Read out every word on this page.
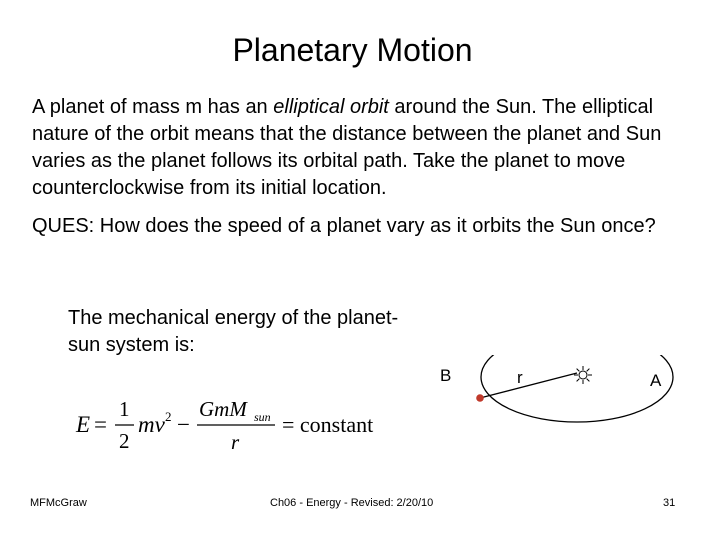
Planetary Motion
A planet of mass m has an elliptical orbit around the Sun. The elliptical nature of the orbit means that the distance between the planet and Sun varies as the planet follows its orbital path. Take the planet to move counterclockwise from its initial location.
QUES: How does the speed of a planet vary as it orbits the Sun once?
The mechanical energy of the planet-sun system is:
E =
1
2
mv 2 −
GmM sun
r
= constant
B	r	A
MFMcGraw	Ch06 - Energy - Revised: 2/20/10	31
